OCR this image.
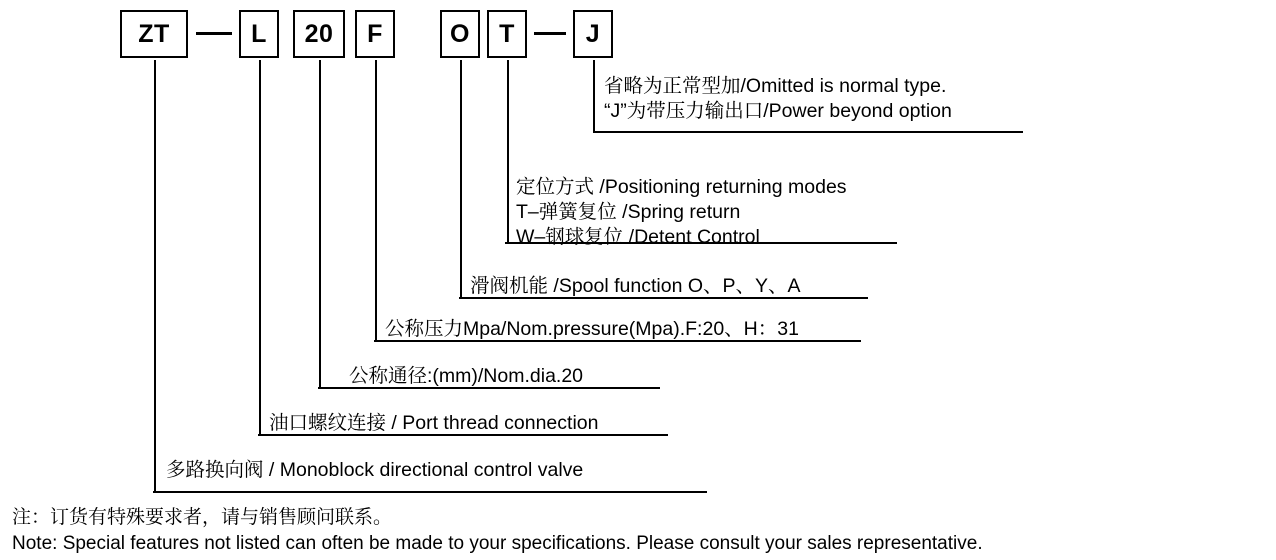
ZT	L	20	F	O	T	J
省略为正常型加/Omitted is normal type.
“J”为带压力输出口/Power beyond option
定位方式 /Positioning returning modes
T–弹簧复位 /Spring return
W–钢球复位 /Detent Control
滑阀机能 /Spool function O、P、Y、A
公称压力Mpa/Nom.pressure(Mpa).F:20、H：31
公称通径:(mm)/Nom.dia.20
油口螺纹连接 / Port thread connection
多路换向阀 / Monoblock directional control valve
注：订货有特殊要求者，请与销售顾问联系。
Note: Special features not listed can often be made to your specifications. Please consult your sales representative.
